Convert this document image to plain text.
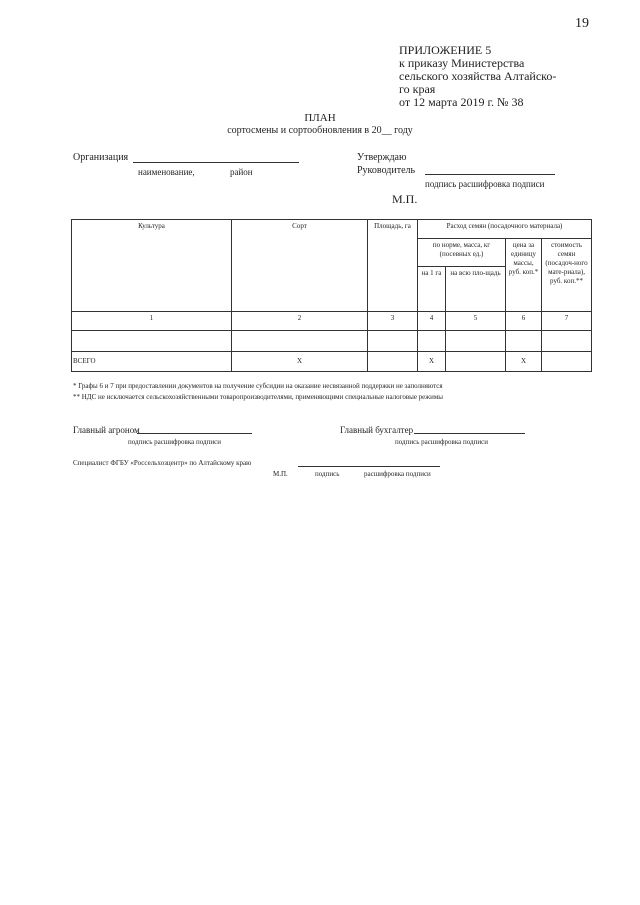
19
ПРИЛОЖЕНИЕ 5
к приказу Министерства
сельского хозяйства Алтайско-
го края
от 12 марта 2019 г. № 38
ПЛАН
сортосмены и сортообновления в 20__ году
Организация
наименование,	район
Утверждаю
Руководитель
подпись расшифровка подписи
М.П.
Культура	Сорт	Площадь, га	Расход семян (посадочного материала)			
			по норме, масса, кг (посевных ед.)		цена за единицу массы, руб. коп.*	стоимость семян (посадоч-ного мате-риала), руб. коп.**
			на 1 га	на всю пло-щадь		
1	2	3	4	5	6	7

ВСЕГО	X		X		X	
* Графы 6 и 7 при предоставлении документов на получение субсидии на оказание несвязанной поддержки не заполняются
** НДС не исключается сельскохозяйственными товаропроизводителями, применяющими специальные налоговые режимы
Главный агроном
подпись расшифровка подписи
Главный бухгалтер
подпись расшифровка подписи
Специалист ФГБУ «Россельхозцентр» по Алтайскому краю
М.П.	подпись	расшифровка подписи
